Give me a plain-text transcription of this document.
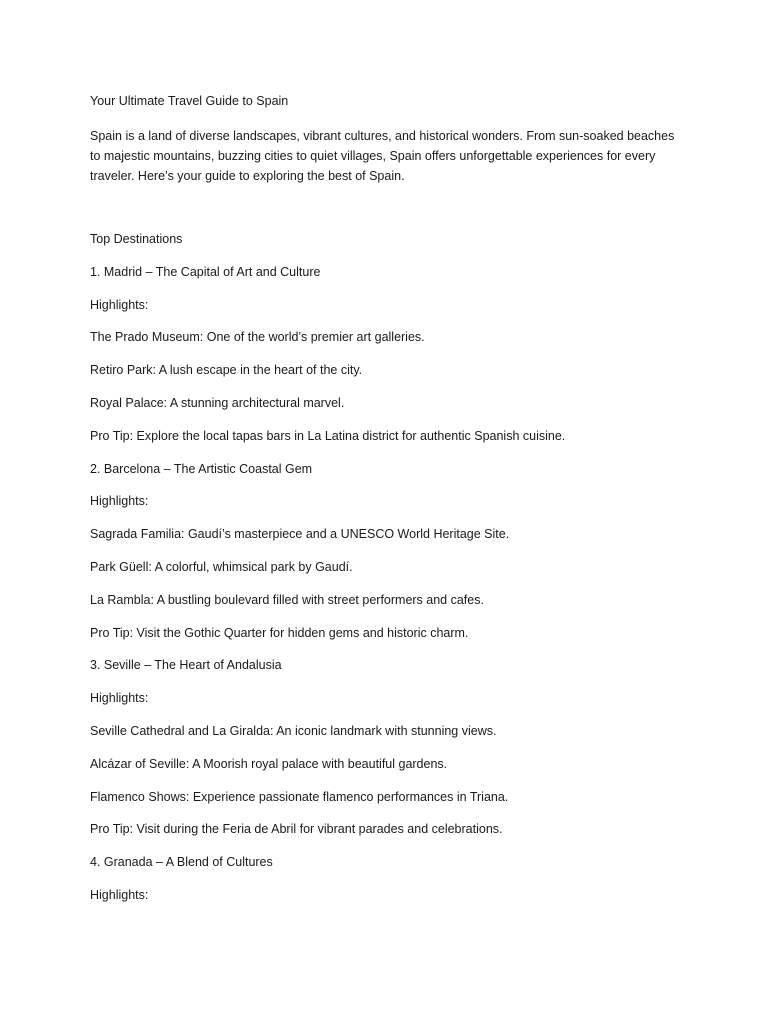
Your Ultimate Travel Guide to Spain
Spain is a land of diverse landscapes, vibrant cultures, and historical wonders. From sun-soaked beaches to majestic mountains, buzzing cities to quiet villages, Spain offers unforgettable experiences for every traveler. Here’s your guide to exploring the best of Spain.
Top Destinations
1. Madrid – The Capital of Art and Culture
Highlights:
The Prado Museum: One of the world’s premier art galleries.
Retiro Park: A lush escape in the heart of the city.
Royal Palace: A stunning architectural marvel.
Pro Tip: Explore the local tapas bars in La Latina district for authentic Spanish cuisine.
2. Barcelona – The Artistic Coastal Gem
Highlights:
Sagrada Familia: Gaudí’s masterpiece and a UNESCO World Heritage Site.
Park Güell: A colorful, whimsical park by Gaudí.
La Rambla: A bustling boulevard filled with street performers and cafes.
Pro Tip: Visit the Gothic Quarter for hidden gems and historic charm.
3. Seville – The Heart of Andalusia
Highlights:
Seville Cathedral and La Giralda: An iconic landmark with stunning views.
Alcázar of Seville: A Moorish royal palace with beautiful gardens.
Flamenco Shows: Experience passionate flamenco performances in Triana.
Pro Tip: Visit during the Feria de Abril for vibrant parades and celebrations.
4. Granada – A Blend of Cultures
Highlights:
